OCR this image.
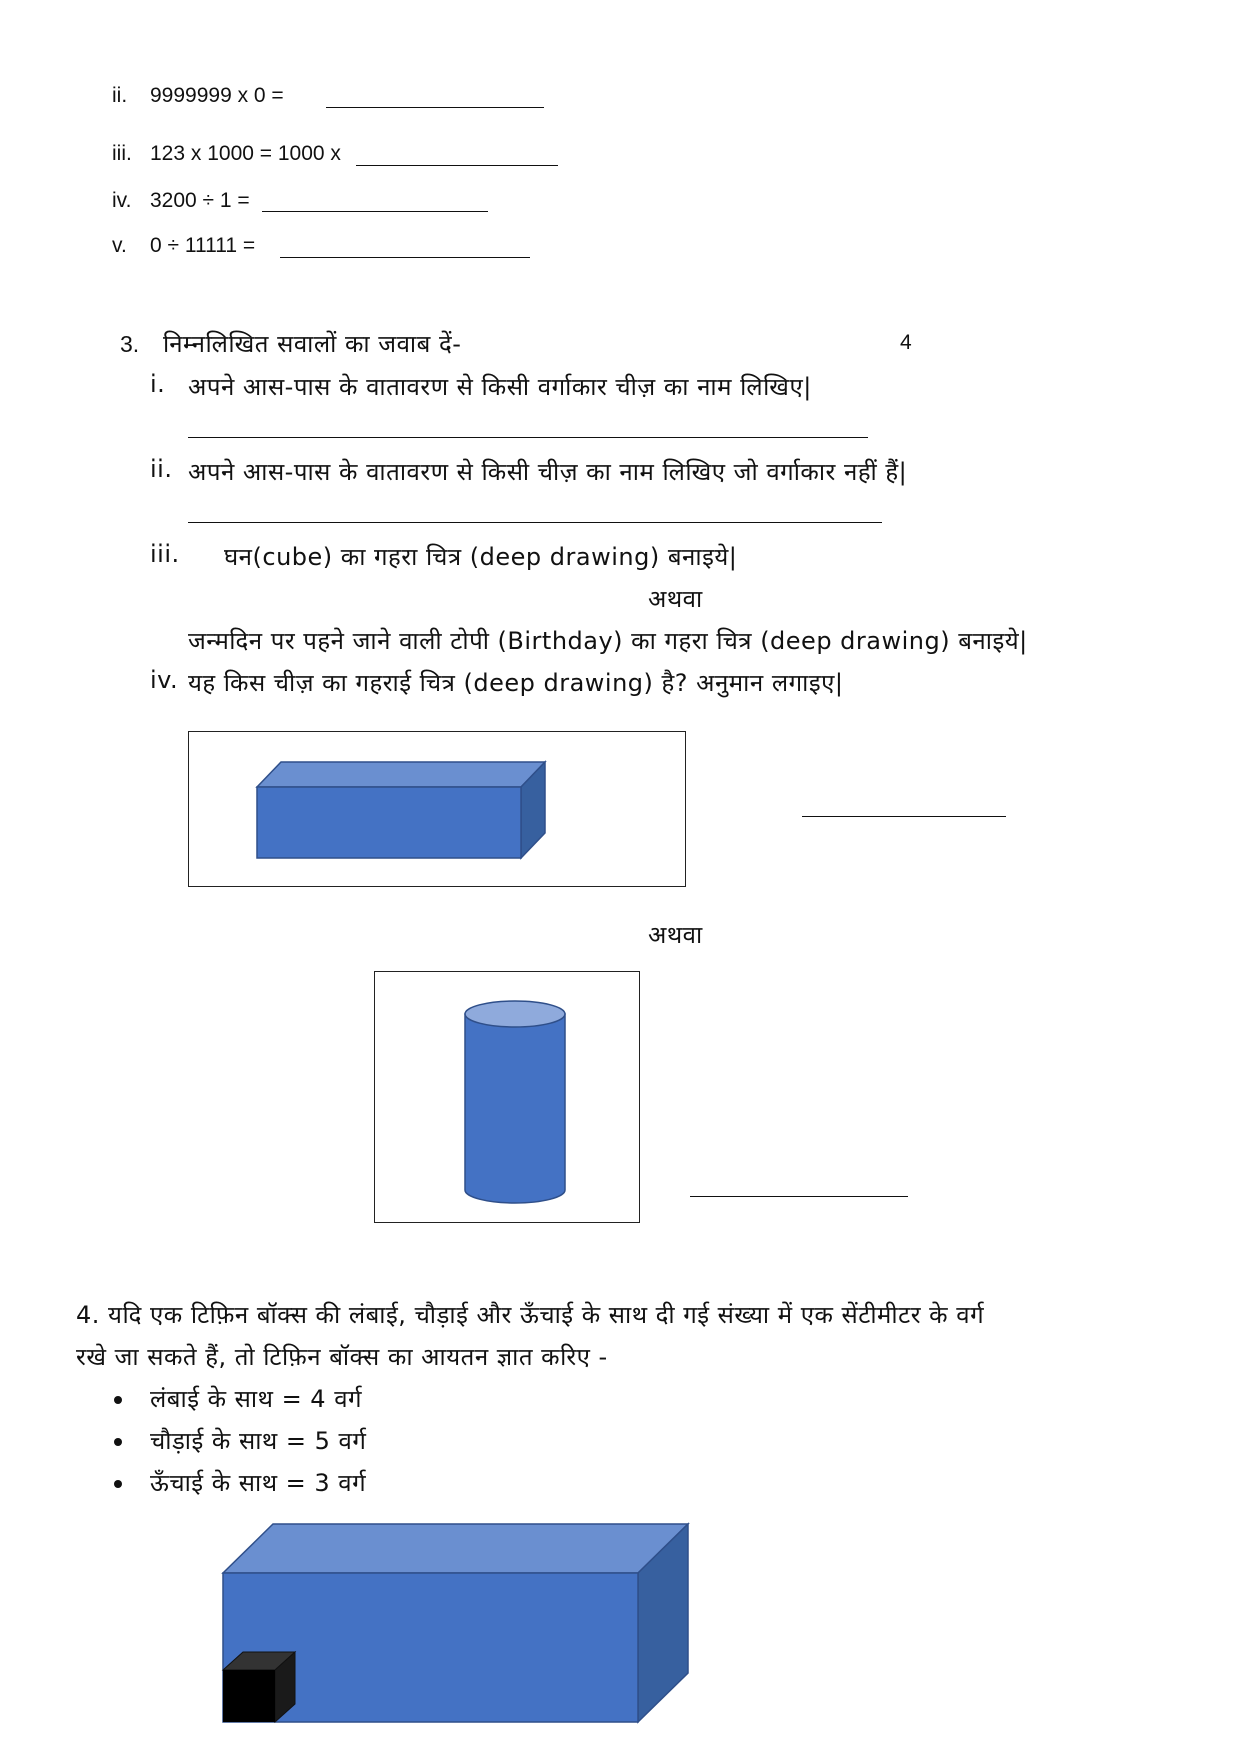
ii. 9999999 x 0 =
iii. 123 x 1000 = 1000 x
iv. 3200 ÷ 1 =
v. 0 ÷ 11111 =
3. निम्नलिखित सवालों का जवाब दें-	4
i. अपने आस-पास के वातावरण से किसी वर्गाकार चीज़ का नाम लिखिए|
ii. अपने आस-पास के वातावरण से किसी चीज़ का नाम लिखिए जो वर्गाकार नहीं हैं|
iii. घन(cube) का गहरा चित्र (deep drawing) बनाइये|
अथवा
जन्मदिन पर पहने जाने वाली टोपी (Birthday) का गहरा चित्र (deep drawing) बनाइये|
iv. यह किस चीज़ का गहराई चित्र (deep drawing) है? अनुमान लगाइए|
अथवा
4. यदि एक टिफ़िन बॉक्स की लंबाई, चौड़ाई और ऊँचाई के साथ दी गई संख्या में एक सेंटीमीटर के वर्ग
रखे जा सकते हैं, तो टिफ़िन बॉक्स का आयतन ज्ञात करिए -
लंबाई के साथ = 4 वर्ग
चौड़ाई के साथ = 5 वर्ग
ऊँचाई के साथ = 3 वर्ग
